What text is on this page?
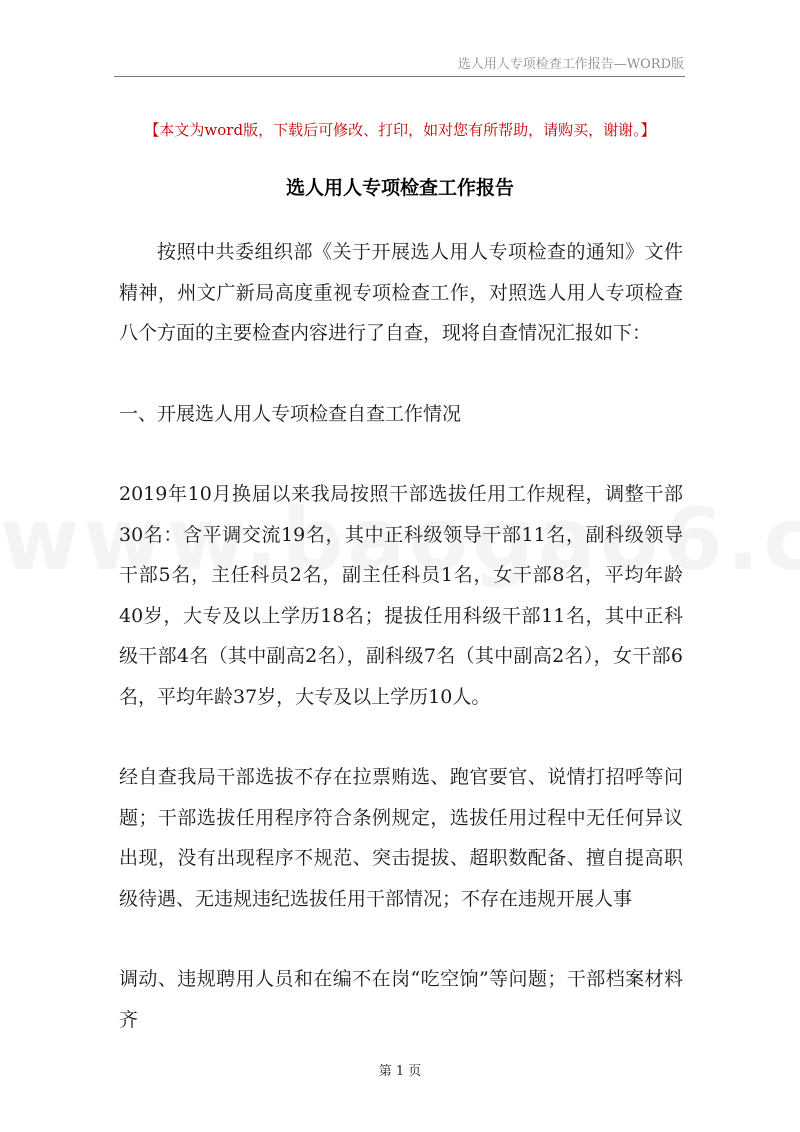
选人用人专项检查工作报告—WORD版
【本文为word版，下载后可修改、打印，如对您有所帮助，请购买，谢谢。】
选人用人专项检查工作报告

按照中共委组织部《关于开展选人用人专项检查的通知》文件精神，州文广新局高度重视专项检查工作，对照选人用人专项检查八个方面的主要检查内容进行了自查，现将自查情况汇报如下：

一、开展选人用人专项检查自查工作情况

2019年10月换届以来我局按照干部选拔任用工作规程，调整干部30名：含平调交流19名，其中正科级领导干部11名，副科级领导干部5名，主任科员2名，副主任科员1名，女干部8名，平均年龄40岁，大专及以上学历18名；提拔任用科级干部11名，其中正科级干部4名（其中副高2名），副科级7名（其中副高2名），女干部6名，平均年龄37岁，大专及以上学历10人。

经自查我局干部选拔不存在拉票贿选、跑官要官、说情打招呼等问题；干部选拔任用程序符合条例规定，选拔任用过程中无任何异议出现，没有出现程序不规范、突击提拔、超职数配备、擅自提高职级待遇、无违规违纪选拔任用干部情况；不存在违规开展人事

调动、违规聘用人员和在编不在岗“吃空饷”等问题；干部档案材料齐

第 1 页
